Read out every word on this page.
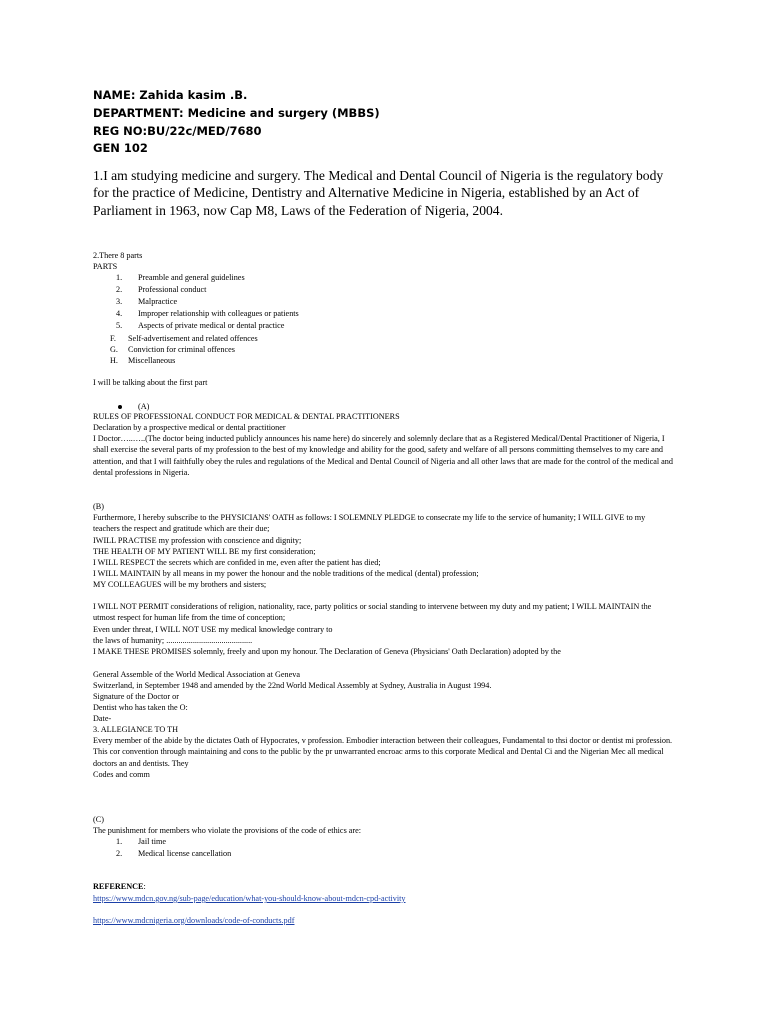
NAME: Zahida kasim .B.
DEPARTMENT: Medicine and surgery (MBBS)
REG NO:BU/22c/MED/7680
GEN 102
1.I am studying medicine and surgery. The Medical and Dental Council of Nigeria is the regulatory body for the practice of Medicine, Dentistry and Alternative Medicine in Nigeria, established by an Act of Parliament in 1963, now Cap M8, Laws of the Federation of Nigeria, 2004.
2.There 8 parts
PARTS
1. Preamble and general guidelines
2. Professional conduct
3. Malpractice
4. Improper relationship with colleagues or patients
5. Aspects of private medical or dental practice
F. Self-advertisement and related offences
G. Conviction for criminal offences
H. Miscellaneous
I will be talking about the first part
(A)
RULES OF PROFESSIONAL CONDUCT FOR MEDICAL & DENTAL PRACTITIONERS
Declaration by a prospective medical or dental practitioner
I Doctor…..…..(The doctor being inducted publicly announces his name here) do sincerely and solemnly declare that as a Registered Medical/Dental Practitioner of Nigeria, I shall exercise the several parts of my profession to the best of my knowledge and ability for the good, safety and welfare of all persons committing themselves to my care and attention, and that I will faithfully obey the rules and regulations of the Medical and Dental Council of Nigeria and all other laws that are made for the control of the medical and dental professions in Nigeria.
(B)
Furthermore, I hereby subscribe to the PHYSICIANS' OATH as follows: I SOLEMNLY PLEDGE to consecrate my life to the service of humanity; I WILL GIVE to my teachers the respect and gratitude which are their due;
IWILL PRACTISE my profession with conscience and dignity;
THE HEALTH OF MY PATIENT WILL BE my first consideration;
I WILL RESPECT the secrets which are confided in me, even after the patient has died;
I WILL MAINTAIN by all means in my power the honour and the noble traditions of the medical (dental) profession;
MY COLLEAGUES will be my brothers and sisters;
I WILL NOT PERMIT considerations of religion, nationality, race, party politics or social standing to intervene between my duty and my patient; I WILL MAINTAIN the utmost respect for human life from the time of conception;
Even under threat, I WILL NOT USE my medical knowledge contrary to
the laws of humanity; ..........................................
I MAKE THESE PROMISES solemnly, freely and upon my honour. The Declaration of Geneva (Physicians' Oath Declaration) adopted by the
General Assemble of the World Medical Association at Geneva
Switzerland, in September 1948 and amended by the 22nd World Medical Assembly at Sydney, Australia in August 1994.
Signature of the Doctor or
Dentist who has taken the O:
Date-
3. ALLEGIANCE TO TH
Every member of the abide by the dictates Oath of Hypocrates, v profession. Embodier interaction between their colleagues, Fundamental to thsi doctor or dentist mi profession. This cor convention through maintaining and cons to the public by the pr unwarranted encroac arms to this corporate Medical and Dental Ci and the Nigerian Mec all medical doctors an and dentists. They
Codes and comm
(C)
The punishment for members who violate the provisions of the code of ethics are:
1. Jail time
2. Medical license cancellation
REFERENCE:
https://www.mdcn.gov.ng/sub-page/education/what-you-should-know-about-mdcn-cpd-activity
https://www.mdcnigeria.org/downloads/code-of-conducts.pdf
